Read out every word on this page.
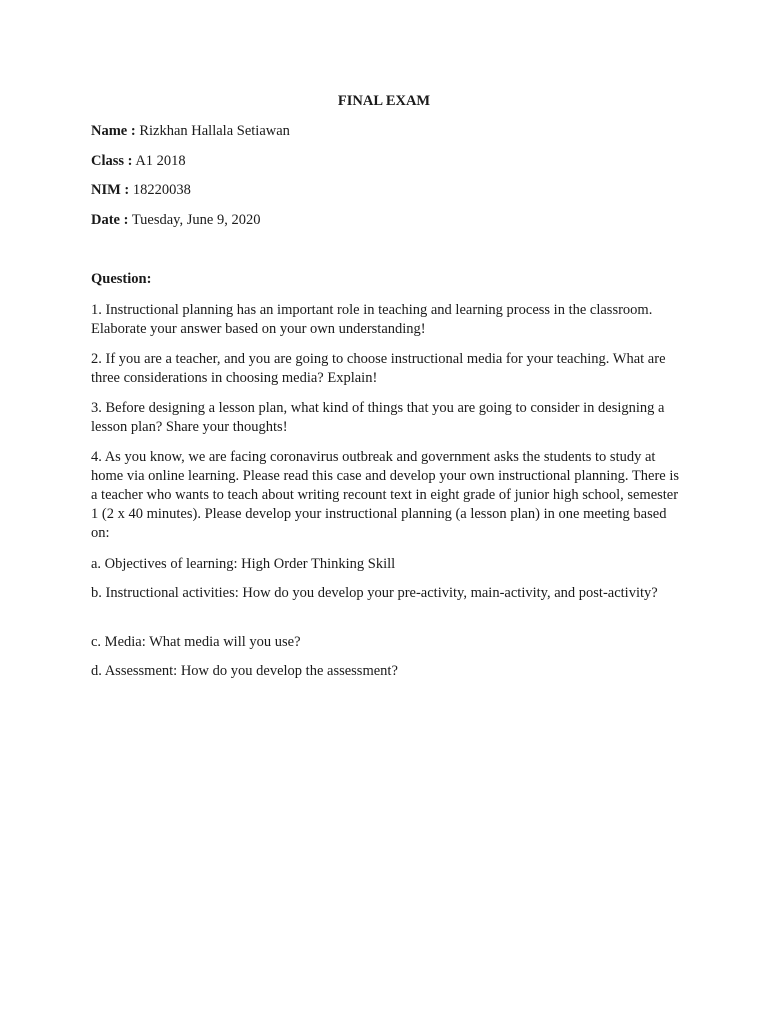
FINAL EXAM
Name : Rizkhan Hallala Setiawan
Class : A1 2018
NIM : 18220038
Date : Tuesday, June 9, 2020
Question:
1. Instructional planning has an important role in teaching and learning process in the classroom. Elaborate your answer based on your own understanding!
2. If you are a teacher, and you are going to choose instructional media for your teaching. What are three considerations in choosing media? Explain!
3. Before designing a lesson plan, what kind of things that you are going to consider in designing a lesson plan? Share your thoughts!
4. As you know, we are facing coronavirus outbreak and government asks the students to study at home via online learning. Please read this case and develop your own instructional planning. There is a teacher who wants to teach about writing recount text in eight grade of junior high school, semester 1 (2 x 40 minutes). Please develop your instructional planning (a lesson plan) in one meeting based on:
a. Objectives of learning: High Order Thinking Skill
b. Instructional activities: How do you develop your pre-activity, main-activity, and post-activity?
c. Media: What media will you use?
d. Assessment: How do you develop the assessment?
